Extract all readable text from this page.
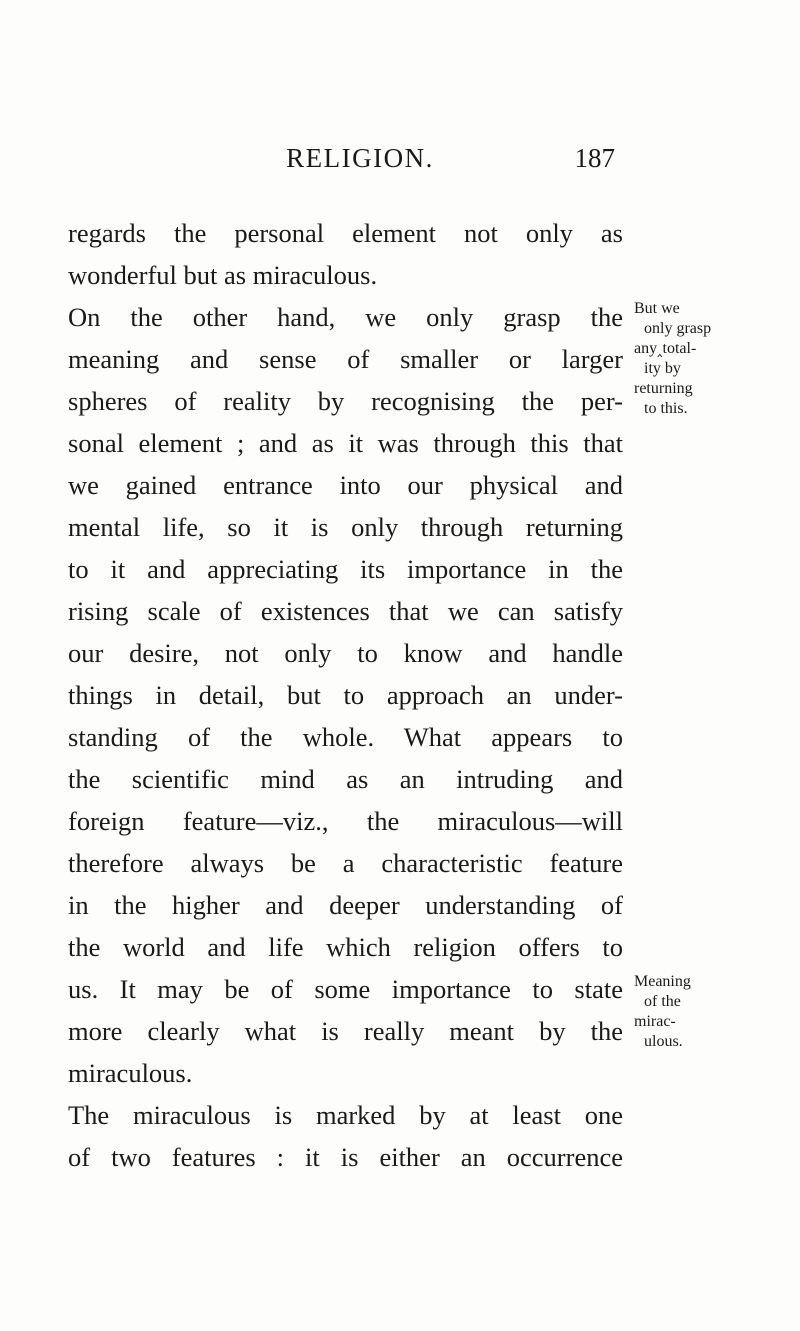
RELIGION.	187
regards the personal element not only as
wonderful but as miraculous.
On the other hand, we only grasp the
meaning and sense of smaller or larger
spheres of reality by recognising the per-
sonal element ; and as it was through this that
we gained entrance into our physical and
mental life, so it is only through returning
to it and appreciating its importance in the
rising scale of existences that we can satisfy
our desire, not only to know and handle
things in detail, but to approach an under-
standing of the whole. What appears to
the scientific mind as an intruding and
foreign feature—viz., the miraculous—will
therefore always be a characteristic feature
in the higher and deeper understanding of
the world and life which religion offers to
us. It may be of some importance to state
more clearly what is really meant by the
miraculous.
The miraculous is marked by at least one
of two features : it is either an occurrence
But we
only grasp
any‸total-
ity by
returning
to this.
Meaning
of the
mirac-
ulous.
